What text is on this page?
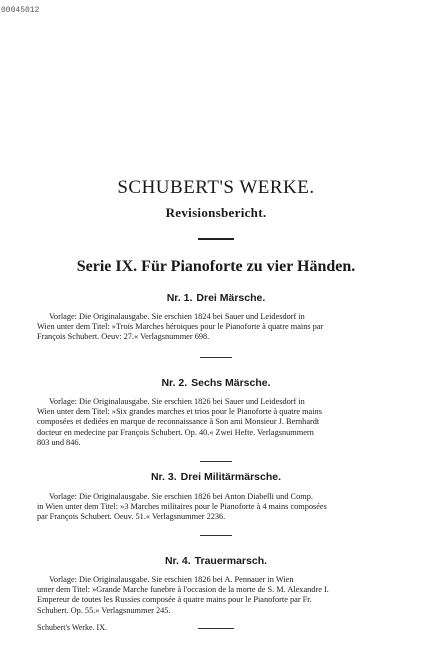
00045012
SCHUBERT'S WERKE.
Revisionsbericht.
Serie IX. Für Pianoforte zu vier Händen.
Nr. 1. Drei Märsche.
Vorlage: Die Originalausgabe. Sie erschien 1824 bei Sauer und Leidesdorf in
Wien unter dem Titel: »Trois Marches héroiques pour le Pianoforte à quatre mains par
François Schubert. Oeuv: 27.« Verlagsnummer 698.
Nr. 2. Sechs Märsche.
Vorlage: Die Originalausgabe. Sie erschien 1826 bei Sauer und Leidesdorf in
Wien unter dem Titel: »Six grandes marches et trios pour le Pianoforte à quatre mains
composées et dediées en marque de reconnaissance à Son ami Monsieur J. Bernhardt
docteur en medecine par François Schubert. Op. 40.« Zwei Hefte. Verlagsnummern
803 und 846.
Nr. 3. Drei Militärmärsche.
Vorlage: Die Originalausgabe. Sie erschien 1826 bei Anton Diabelli und Comp.
in Wien unter dem Titel: »3 Marches militaires pour le Pianoforte à 4 mains composées
par François Schubert. Oeuv. 51.« Verlagsnummer 2236.
Nr. 4. Trauermarsch.
Vorlage: Die Originalausgabe. Sie erschien 1826 bei A. Pennauer in Wien
unter dem Titel: »Grande Marche funebre à l'occasion de la morte de S. M. Alexandre I.
Empereur de toutes les Russies composée à quatre mains pour le Pianoforte par Fr.
Schubert. Op. 55.« Verlagsnummer 245.
Schubert's Werke. IX.
